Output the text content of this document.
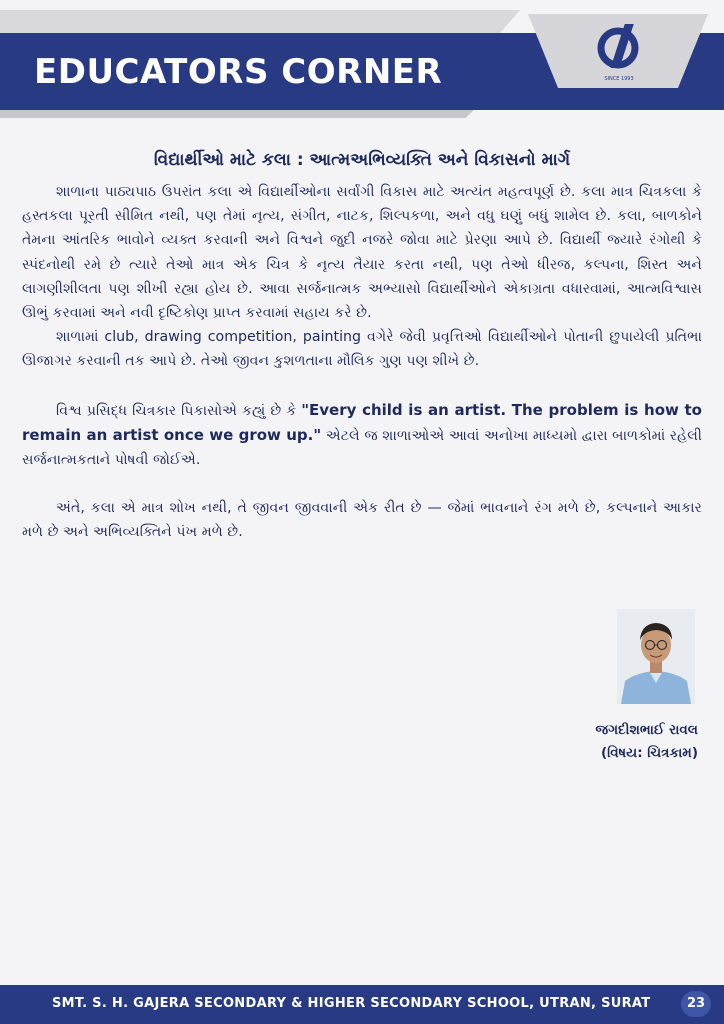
EDUCATORS CORNER	SINCE 1993
વિદ્યાર્થીઓ માટે કલા : આત્મઅભિવ્યક્તિ અને વિકાસનો માર્ગ

શાળાના પાઠ્યપાઠ ઉપરાંત કલા એ વિદ્યાર્થીઓના સર્વાંગી વિકાસ માટે અત્યંત મહત્વપૂર્ણ છે. કલા માત્ર ચિત્રકલા કે હસ્તકલા પૂરતી સીમિત નથી, પણ તેમાં નૃત્ય, સંગીત, નાટક, શિલ્પકળા, અને વધુ ઘણું બધું શામેલ છે. કલા, બાળકોને તેમના આંતરિક ભાવોને વ્યક્ત કરવાની અને વિશ્વને જુદી નજરે જોવા માટે પ્રેરણા આપે છે. વિદ્યાર્થી જ્યારે રંગોથી કે સ્પંદનોથી રમે છે ત્યારે તેઓ માત્ર એક ચિત્ર કે નૃત્ય તૈયાર કરતા નથી, પણ તેઓ ધીરજ, કલ્પના, શિસ્ત અને લાગણીશીલતા પણ શીખી રહ્યા હોય છે. આવા સર્જનાત્મક અભ્યાસો વિદ્યાર્થીઓને એકાગ્રતા વધારવામાં, આત્મવિશ્વાસ ઊભું કરવામાં અને નવી દૃષ્ટિકોણ પ્રાપ્ત કરવામાં સહાય કરે છે.

શાળામાં club, drawing competition, painting વગેરે જેવી પ્રવૃત્તિઓ વિદ્યાર્થીઓને પોતાની છુપાયેલી પ્રતિભા ઊજાગર કરવાની તક આપે છે. તેઓ જીવન કુશળતાના મૌલિક ગુણ પણ શીખે છે.

વિશ્વ પ્રસિદ્ધ ચિત્રકાર પિકાસોએ કહ્યું છે કે "Every child is an artist. The problem is how to remain an artist once we grow up." એટલે જ શાળાઓએ આવાં અનોખા માધ્યમો દ્વારા બાળકોમાં રહેલી સર્જનાત્મકતાને પોષવી જોઈએ.

અંતે, કલા એ માત્ર શોખ નથી, તે જીવન જીવવાની એક રીત છે — જેમાં ભાવનાને રંગ મળે છે, કલ્પનાને આકાર મળે છે અને અભિવ્યક્તિને પંખ મળે છે.

જગદીશભાઈ રાવલ
(વિષય: ચિત્રકામ)
SMT. S. H. GAJERA SECONDARY & HIGHER SECONDARY SCHOOL, UTRAN, SURAT	23
